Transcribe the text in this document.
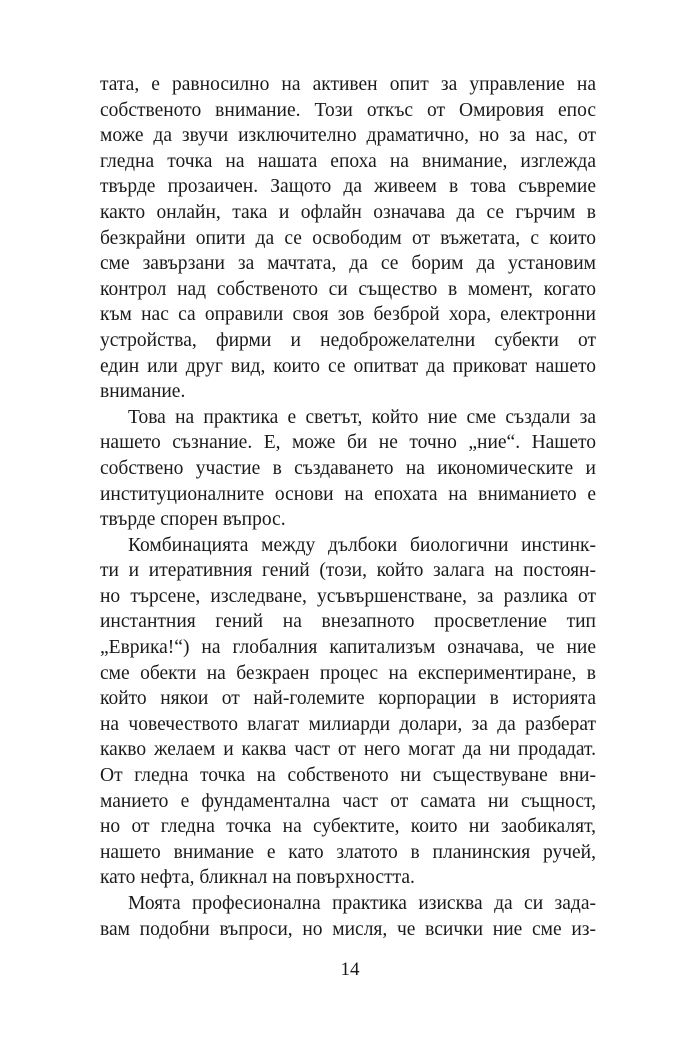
тата, е равносилно на активен опит за управление на
собственото внимание. Този откъс от Омировия епос
може да звучи изключително драматично, но за нас, от
гледна точка на нашата епоха на внимание, изглежда
твърде прозаичен. Защото да живеем в това съвремие
както онлайн, така и офлайн означава да се гърчим в
безкрайни опити да се освободим от въжетата, с които
сме завързани за мачтата, да се борим да установим
контрол над собственото си същество в момент, когато
към нас са оправили своя зов безброй хора, електронни
устройства, фирми и недоброжелателни субекти от
един или друг вид, които се опитват да приковат нашето
внимание.
Това на практика е светът, който ние сме създали за
нашето съзнание. Е, може би не точно „ние“. Нашето
собствено участие в създаването на икономическите и
институционалните основи на епохата на вниманието е
твърде спорен въпрос.
Комбинацията между дълбоки биологични инстинк-
ти и итеративния гений (този, който залага на постоян-
но търсене, изследване, усъвършенстване, за разлика от
инстантния гений на внезапното просветление тип
„Еврика!“) на глобалния капитализъм означава, че ние
сме обекти на безкраен процес на експериментиране, в
който някои от най-големите корпорации в историята
на човечеството влагат милиарди долари, за да разберат
какво желаем и каква част от него могат да ни продадат.
От гледна точка на собственото ни съществуване вни-
манието е фундаментална част от самата ни същност,
но от гледна точка на субектите, които ни заобикалят,
нашето внимание е като златото в планинския ручей,
като нефта, бликнал на повърхността.
Моята професионална практика изисква да си зада-
вам подобни въпроси, но мисля, че всички ние сме из-
14
